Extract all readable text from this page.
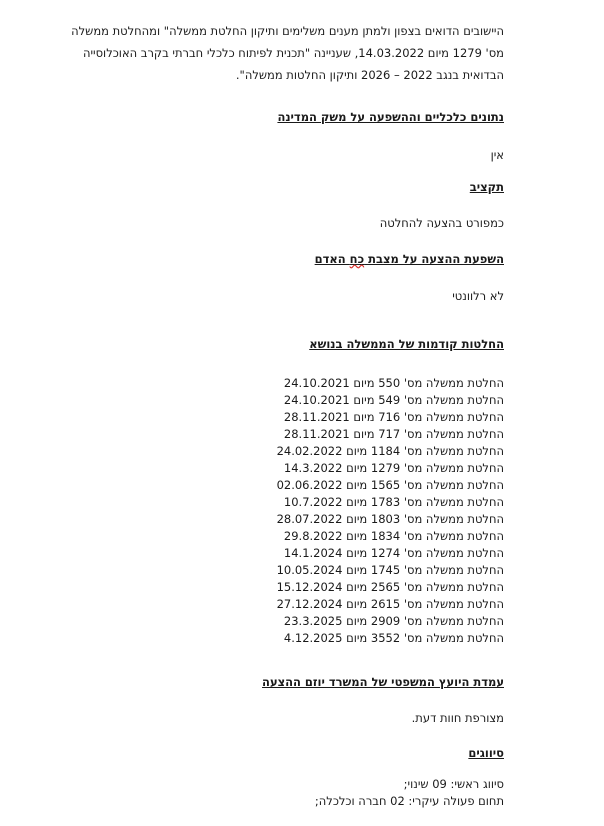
היישובים הדואים בצפון ולמתן מענים משלימים ותיקון החלטת ממשלה" ומהחלטת ממשלה
מס' 1279 מיום 14.03.2022, שעניינה "תכנית לפיתוח כלכלי חברתי בקרב האוכלוסייה
הבדואית בנגב 2022 – 2026 ותיקון החלטות ממשלה".
נתונים כלכליים וההשפעה על משק המדינה
אין
תקציב
כמפורט בהצעה להחלטה
השפעת ההצעה על מצבת כח האדם
לא רלוונטי
החלטות קודמות של הממשלה בנושא
החלטת ממשלה מס' 550 מיום 24.10.2021
החלטת ממשלה מס' 549 מיום 24.10.2021
החלטת ממשלה מס' 716 מיום 28.11.2021
החלטת ממשלה מס' 717 מיום 28.11.2021
החלטת ממשלה מס' 1184 מיום 24.02.2022
החלטת ממשלה מס' 1279 מיום 14.3.2022
החלטת ממשלה מס' 1565 מיום 02.06.2022
החלטת ממשלה מס' 1783 מיום 10.7.2022
החלטת ממשלה מס' 1803 מיום 28.07.2022
החלטת ממשלה מס' 1834 מיום 29.8.2022
החלטת ממשלה מס' 1274 מיום 14.1.2024
החלטת ממשלה מס' 1745 מיום 10.05.2024
החלטת ממשלה מס' 2565 מיום 15.12.2024
החלטת ממשלה מס' 2615 מיום 27.12.2024
החלטת ממשלה מס' 2909 מיום 23.3.2025
החלטת ממשלה מס' 3552 מיום 4.12.2025
עמדת היועץ המשפטי של המשרד יוזם ההצעה
מצורפת חוות דעת.
סיווגים
סיווג ראשי: 09 שינוי;
תחום פעולה עיקרי: 02 חברה וכלכלה;
